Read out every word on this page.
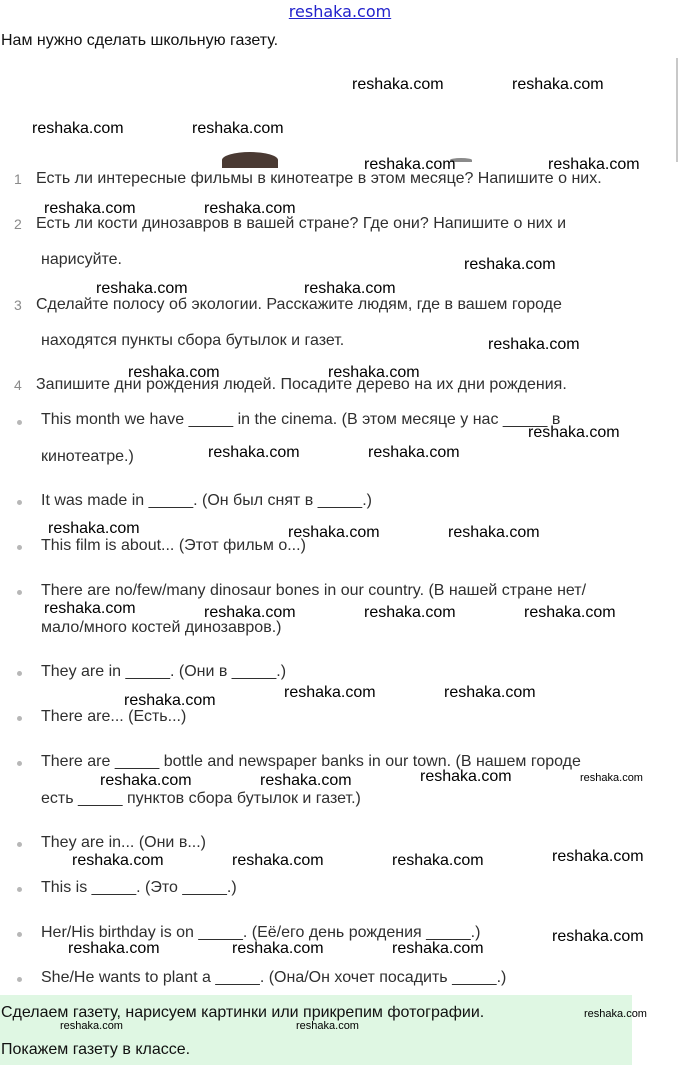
reshaka.com
Нам нужно сделать школьную газету.
1 Есть ли интересные фильмы в кинотеатре в этом месяце? Напишите о них.
2 Есть ли кости динозавров в вашей стране? Где они? Напишите о них и
нарисуйте.
3 Сделайте полосу об экологии. Расскажите людям, где в вашем городе
находятся пункты сбора бутылок и газет.
4 Запишите дни рождения людей. Посадите дерево на их дни рождения.
This month we have _____ in the cinema. (В этом месяце у нас _____ в
кинотеатре.)
It was made in _____. (Он был снят в _____.)
This film is about... (Этот фильм о...)
There are no/few/many dinosaur bones in our country. (В нашей стране нет/
мало/много костей динозавров.)
They are in _____. (Они в _____.)
There are... (Есть...)
There are _____ bottle and newspaper banks in our town. (В нашем городе
есть _____ пунктов сбора бутылок и газет.)
They are in... (Они в...)
This is _____. (Это _____.)
Her/His birthday is on _____. (Её/его день рождения _____.)
She/He wants to plant a _____. (Она/Он хочет посадить _____.)
Сделаем газету, нарисуем картинки или прикрепим фотографии.
Покажем газету в классе.
reshaka.com	reshaka.com
reshaka.com	reshaka.com
reshaka.com	reshaka.com
reshaka.com	reshaka.com
reshaka.com
reshaka.com	reshaka.com
reshaka.com
reshaka.com	reshaka.com
reshaka.com
reshaka.com	reshaka.com
reshaka.com	reshaka.com	reshaka.com
reshaka.com	reshaka.com	reshaka.com	reshaka.com
reshaka.com	reshaka.com
reshaka.com
reshaka.com	reshaka.com
reshaka.com	reshaka.com
reshaka.com
reshaka.com	reshaka.com	reshaka.com
reshaka.com
reshaka.com	reshaka.com	reshaka.com
reshaka.com
reshaka.com	reshaka.com
